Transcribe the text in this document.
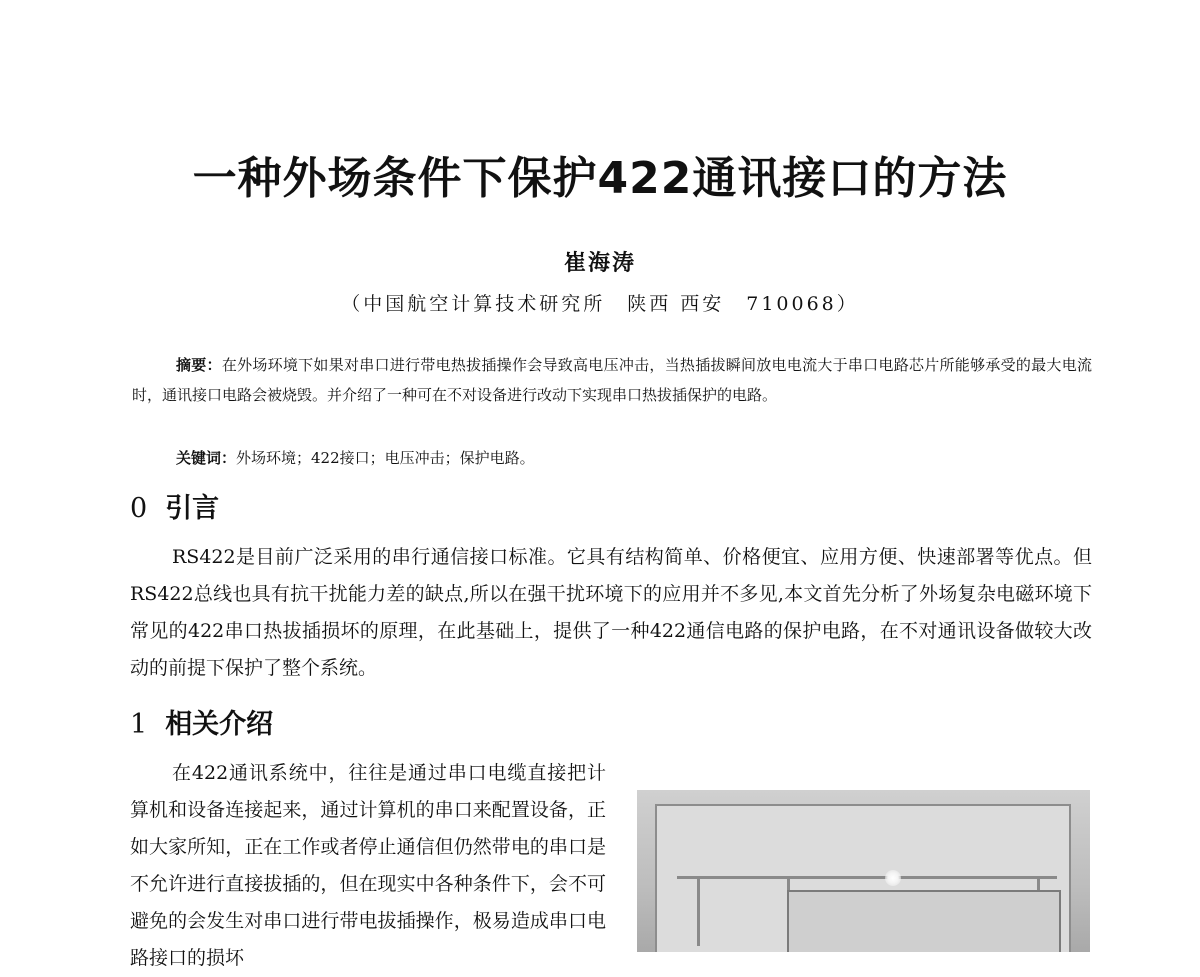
一种外场条件下保护422通讯接口的方法
崔海涛
（中国航空计算技术研究所　陕西 西安　710068）
摘要：在外场环境下如果对串口进行带电热拔插操作会导致高电压冲击，当热插拔瞬间放电电流大于串口电路芯片所能够承受的最大电流时，通讯接口电路会被烧毁。并介绍了一种可在不对设备进行改动下实现串口热拔插保护的电路。
关键词：外场环境；422接口；电压冲击；保护电路。
0 引言
RS422是目前广泛采用的串行通信接口标准。它具有结构简单、价格便宜、应用方便、快速部署等优点。但RS422总线也具有抗干扰能力差的缺点,所以在强干扰环境下的应用并不多见,本文首先分析了外场复杂电磁环境下常见的422串口热拔插损坏的原理，在此基础上，提供了一种422通信电路的保护电路，在不对通讯设备做较大改动的前提下保护了整个系统。
1 相关介绍
在422通讯系统中，往往是通过串口电缆直接把计算机和设备连接起来，通过计算机的串口来配置设备，正如大家所知，正在工作或者停止通信但仍然带电的串口是不允许进行直接拔插的，但在现实中各种条件下，会不可避免的会发生对串口进行带电拔插操作，极易造成串口电路接口的损坏
